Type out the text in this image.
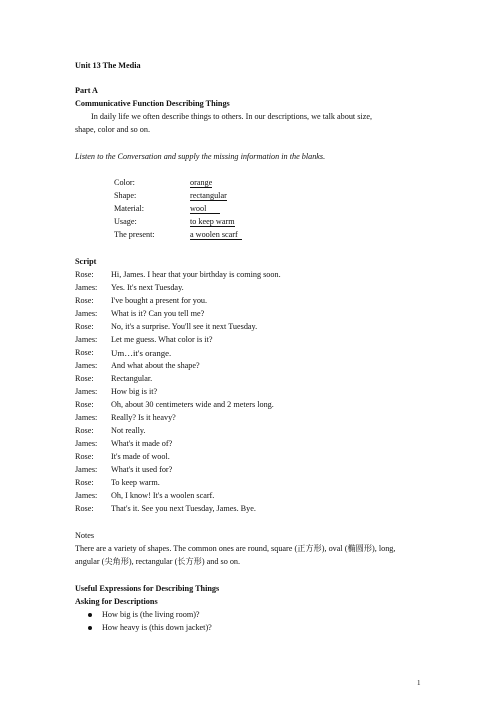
Unit 13 The Media
Part A
Communicative Function Describing Things
In daily life we often describe things to others. In our descriptions, we talk about size,
shape, color and so on.
Listen to the Conversation and supply the missing information in the blanks.
Color:	orange
Shape:	rectangular
Material:	wool
Usage:	to keep warm
The present:	a woolen scarf
Script
Rose: Hi, James. I hear that your birthday is coming soon.
James: Yes. It's next Tuesday.
Rose: I've bought a present for you.
James: What is it? Can you tell me?
Rose: No, it's a surprise. You'll see it next Tuesday.
James: Let me guess. What color is it?
Rose: Um…it's orange.
James: And what about the shape?
Rose: Rectangular.
James: How big is it?
Rose: Oh, about 30 centimeters wide and 2 meters long.
James: Really? Is it heavy?
Rose: Not really.
James: What's it made of?
Rose: It's made of wool.
James: What's it used for?
Rose: To keep warm.
James: Oh, I know! It's a woolen scarf.
Rose: That's it. See you next Tuesday, James. Bye.
Notes
There are a variety of shapes. The common ones are round, square (正方形), oval (椭圆形), long,
angular (尖角形), rectangular (长方形) and so on.
Useful Expressions for Describing Things
Asking for Descriptions
How big is (the living room)?
How heavy is (this down jacket)?
1
